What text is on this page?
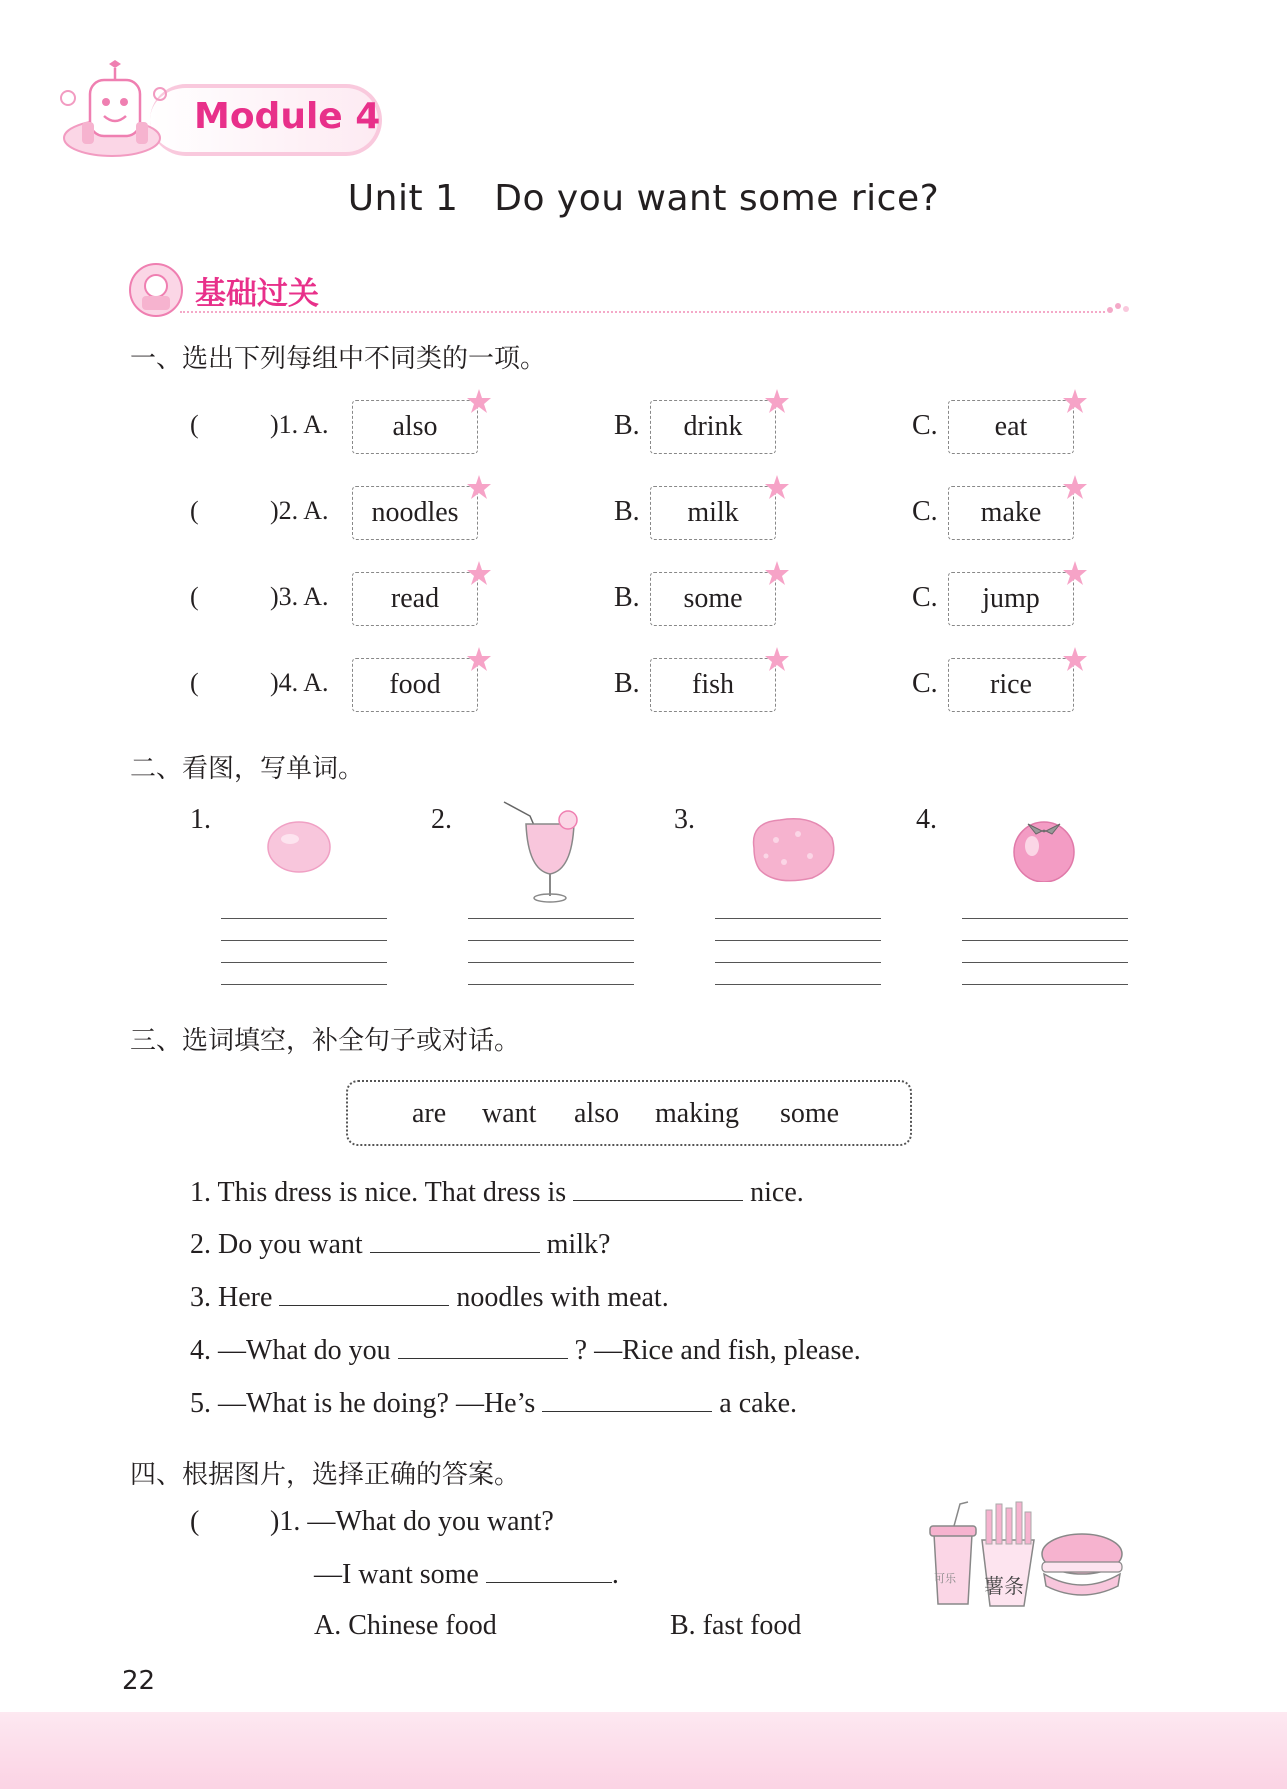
Module 4
Unit 1   Do you want some rice?
基础过关
一、选出下列每组中不同类的一项。
(	)1. A.	also	B.	drink	C.	eat
(	)2. A.	noodles	B.	milk	C.	make
(	)3. A.	read	B.	some	C.	jump
(	)4. A.	food	B.	fish	C.	rice
二、看图，写单词。
1.	2.	3.	4.
三、选词填空，补全句子或对话。
are want also making some
1. This dress is nice. That dress is	nice.
2. Do you want	milk?
3. Here	noodles with meat.
4. —What do you	? —Rice and fish, please.
5. —What is he doing? —He’s	a cake.
四、根据图片，选择正确的答案。
(	)1. —What do you want?
—I want some	.
A. Chinese food	B. fast food
可乐 薯条
22
